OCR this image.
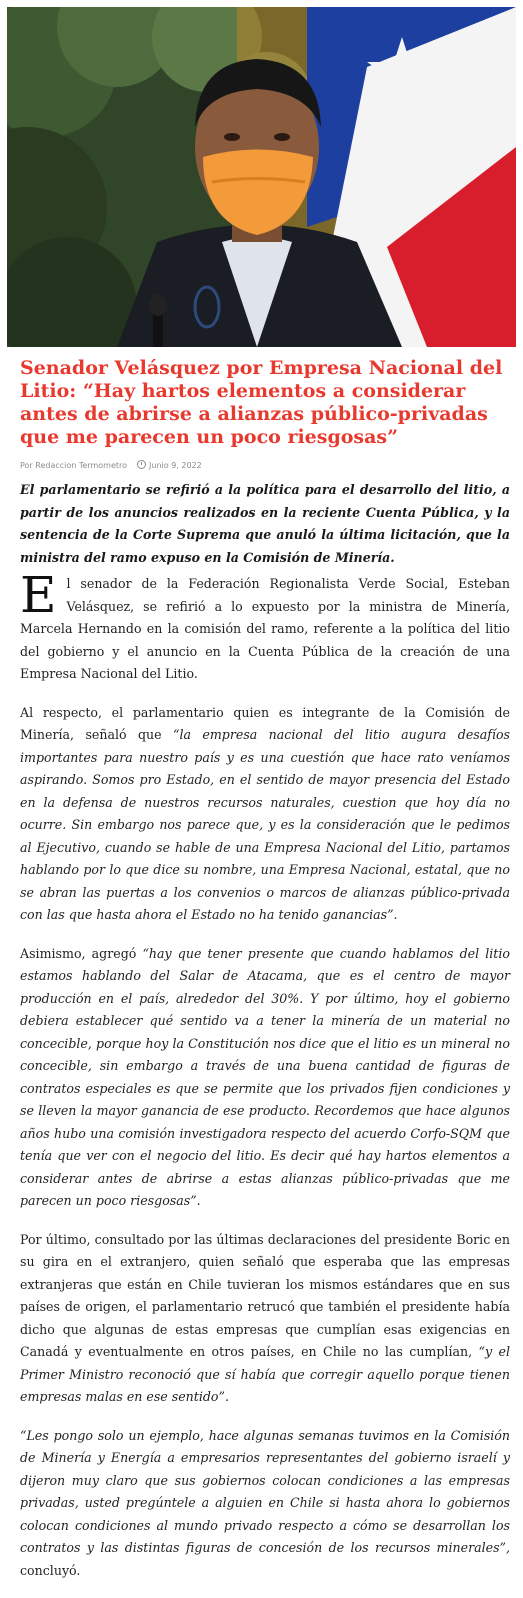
Senador Velásquez por Empresa Nacional del Litio: “Hay hartos elementos a considerar antes de abrirse a alianzas público-privadas que me parecen un poco riesgosas”
Por Redaccion Termometro	Junio 9, 2022

El parlamentario se refirió a la política para el desarrollo del litio, a partir de los anuncios realizados en la reciente Cuenta Pública, y la sentencia de la Corte Suprema que anuló la última licitación, que la ministra del ramo expuso en la Comisión de Minería.

El senador de la Federación Regionalista Verde Social, Esteban Velásquez, se refirió a lo expuesto por la ministra de Minería, Marcela Hernando en la comisión del ramo, referente a la política del litio del gobierno y el anuncio en la Cuenta Pública de la creación de una Empresa Nacional del Litio.

Al respecto, el parlamentario quien es integrante de la Comisión de Minería, señaló que “la empresa nacional del litio augura desafíos importantes para nuestro país y es una cuestión que hace rato veníamos aspirando. Somos pro Estado, en el sentido de mayor presencia del Estado en la defensa de nuestros recursos naturales, cuestion que hoy día no ocurre. Sin embargo nos parece que, y es la consideración que le pedimos al Ejecutivo, cuando se hable de una Empresa Nacional del Litio, partamos hablando por lo que dice su nombre, una Empresa Nacional, estatal, que no se abran las puertas a los convenios o marcos de alianzas público-privada con las que hasta ahora el Estado no ha tenido ganancias”.

Asimismo, agregó “hay que tener presente que cuando hablamos del litio estamos hablando del Salar de Atacama, que es el centro de mayor producción en el país, alrededor del 30%. Y por último, hoy el gobierno debiera establecer qué sentido va a tener la minería de un material no concecible, porque hoy la Constitución nos dice que el litio es un mineral no concecible, sin embargo a través de una buena cantidad de figuras de contratos especiales es que se permite que los privados fijen condiciones y se lleven la mayor ganancia de ese producto. Recordemos que hace algunos años hubo una comisión investigadora respecto del acuerdo Corfo-SQM que tenía que ver con el negocio del litio. Es decir qué hay hartos elementos a considerar antes de abrirse a estas alianzas público-privadas que me parecen un poco riesgosas”.

Por último, consultado por las últimas declaraciones del presidente Boric en su gira en el extranjero, quien señaló que esperaba que las empresas extranjeras que están en Chile tuvieran los mismos estándares que en sus países de origen, el parlamentario retrucó que también el presidente había dicho que algunas de estas empresas que cumplían esas exigencias en Canadá y eventualmente en otros países, en Chile no las cumplían, “y el Primer Ministro reconoció que sí había que corregir aquello porque tienen empresas malas en ese sentido”.

“Les pongo solo un ejemplo, hace algunas semanas tuvimos en la Comisión de Minería y Energía a empresarios representantes del gobierno israelí y dijeron muy claro que sus gobiernos colocan condiciones a las empresas privadas, usted pregúntele a alguien en Chile si hasta ahora lo gobiernos colocan condiciones al mundo privado respecto a cómo se desarrollan los contratos y las distintas figuras de concesión de los recursos minerales”, concluyó.
